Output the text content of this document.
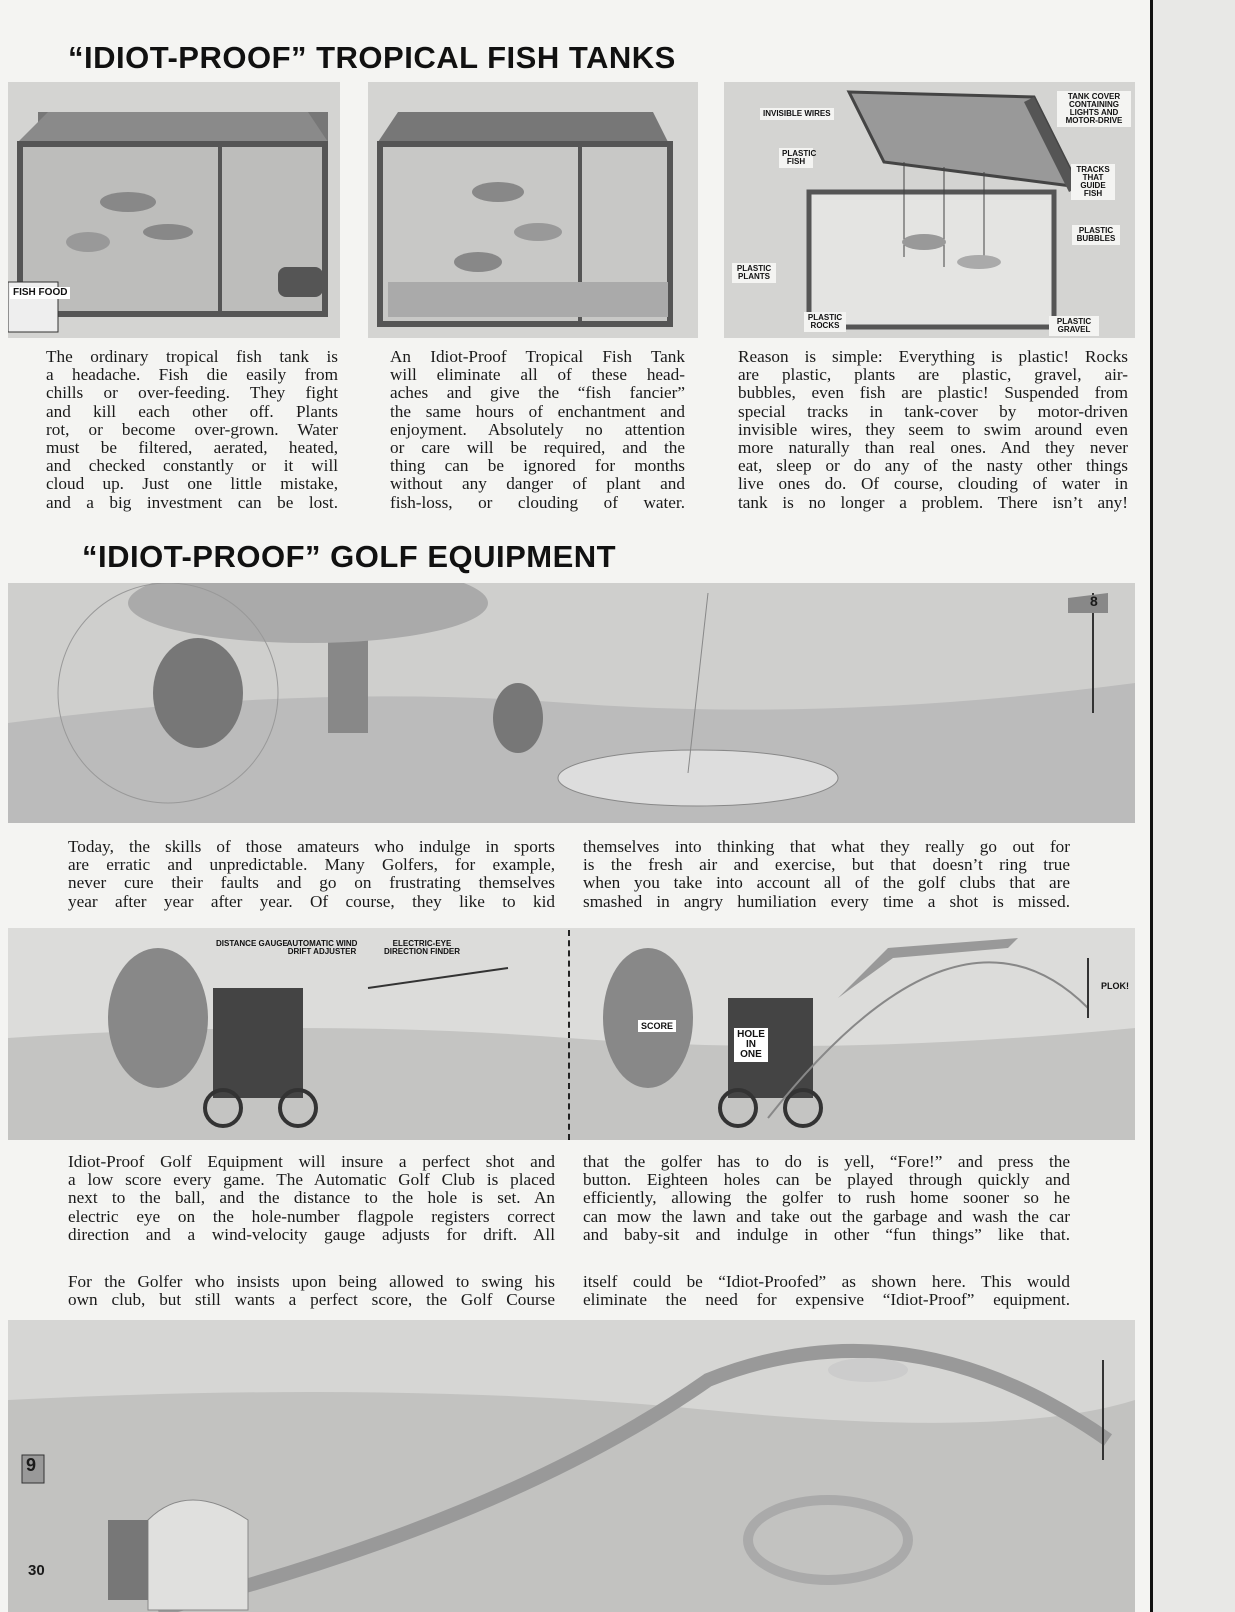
“IDIOT-PROOF” TROPICAL FISH TANKS
FISH FOOD
INVISIBLE WIRES
PLASTIC FISH
PLASTIC PLANTS
PLASTIC ROCKS
TANK COVER CONTAINING LIGHTS AND MOTOR-DRIVE
TRACKS THAT GUIDE FISH
PLASTIC BUBBLES
PLASTIC GRAVEL
The ordinary tropical fish tank is
a headache. Fish die easily from
chills or over-feeding. They fight
and kill each other off. Plants
rot, or become over-grown. Water
must be filtered, aerated, heated,
and checked constantly or it will
cloud up. Just one little mistake,
and a big investment can be lost.
An Idiot-Proof Tropical Fish Tank
will eliminate all of these head-
aches and give the “fish fancier”
the same hours of enchantment and
enjoyment. Absolutely no attention
or care will be required, and the
thing can be ignored for months
without any danger of plant and
fish-loss, or clouding of water.
Reason is simple: Everything is plastic! Rocks
are plastic, plants are plastic, gravel, air-
bubbles, even fish are plastic! Suspended from
special tracks in tank-cover by motor-driven
invisible wires, they seem to swim around even
more naturally than real ones. And they never
eat, sleep or do any of the nasty other things
live ones do. Of course, clouding of water in
tank is no longer a problem. There isn’t any!
“IDIOT-PROOF” GOLF EQUIPMENT
8
Today, the skills of those amateurs who indulge in sports
are erratic and unpredictable. Many Golfers, for example,
never cure their faults and go on frustrating themselves
year after year after year. Of course, they like to kid
themselves into thinking that what they really go out for
is the fresh air and exercise, but that doesn’t ring true
when you take into account all of the golf clubs that are
smashed in angry humiliation every time a shot is missed.
DISTANCE GAUGE
AUTOMATIC WIND DRIFT ADJUSTER
ELECTRIC-EYE DIRECTION FINDER
SCORE
HOLE IN ONE
PLOK!
Idiot-Proof Golf Equipment will insure a perfect shot and
a low score every game. The Automatic Golf Club is placed
next to the ball, and the distance to the hole is set. An
electric eye on the hole-number flagpole registers correct
direction and a wind-velocity gauge adjusts for drift. All
that the golfer has to do is yell, “Fore!” and press the
button. Eighteen holes can be played through quickly and
efficiently, allowing the golfer to rush home sooner so he
can mow the lawn and take out the garbage and wash the car
and baby-sit and indulge in other “fun things” like that.
For the Golfer who insists upon being allowed to swing his
own club, but still wants a perfect score, the Golf Course
itself could be “Idiot-Proofed” as shown here. This would
eliminate the need for expensive “Idiot-Proof” equipment.
9
30
